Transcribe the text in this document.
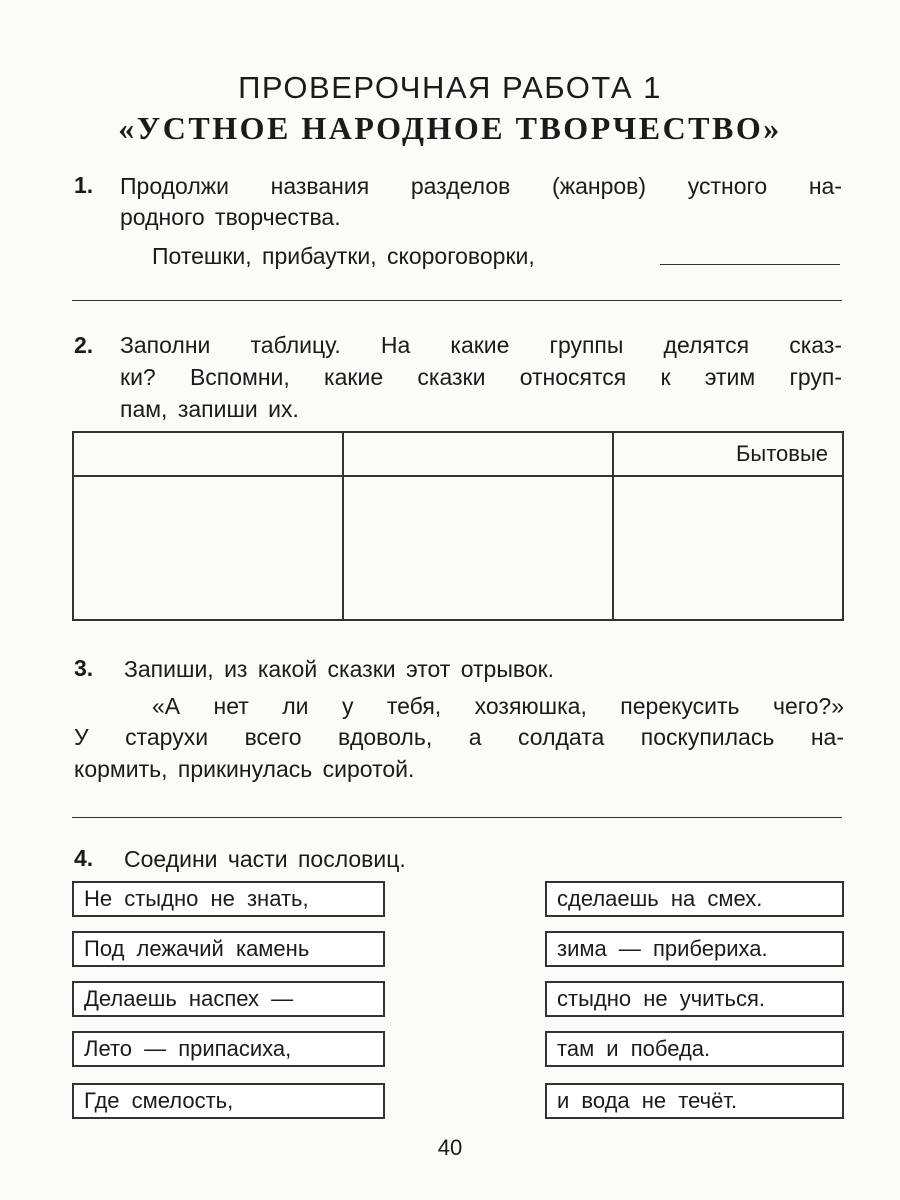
ПРОВЕРОЧНАЯ РАБОТА 1
«УСТНОЕ НАРОДНОЕ ТВОРЧЕСТВО»
1. Продолжи названия разделов (жанров) устного на-
родного творчества.
Потешки, прибаутки, скороговорки,
2. Заполни таблицу. На какие группы делятся сказ-
ки? Вспомни, какие сказки относятся к этим груп-
пам, запиши их.
		Бытовые

3. Запиши, из какой сказки этот отрывок.
«А нет ли у тебя, хозяюшка, перекусить чего?»
У старухи всего вдоволь, а солдата поскупилась на-
кормить, прикинулась сиротой.
4. Соедини части пословиц.
Не стыдно не знать,
Под лежачий камень
Делаешь наспех —
Лето — припасиха,
Где смелость,
сделаешь на смех.
зима — прибериха.
стыдно не учиться.
там и победа.
и вода не течёт.
40
